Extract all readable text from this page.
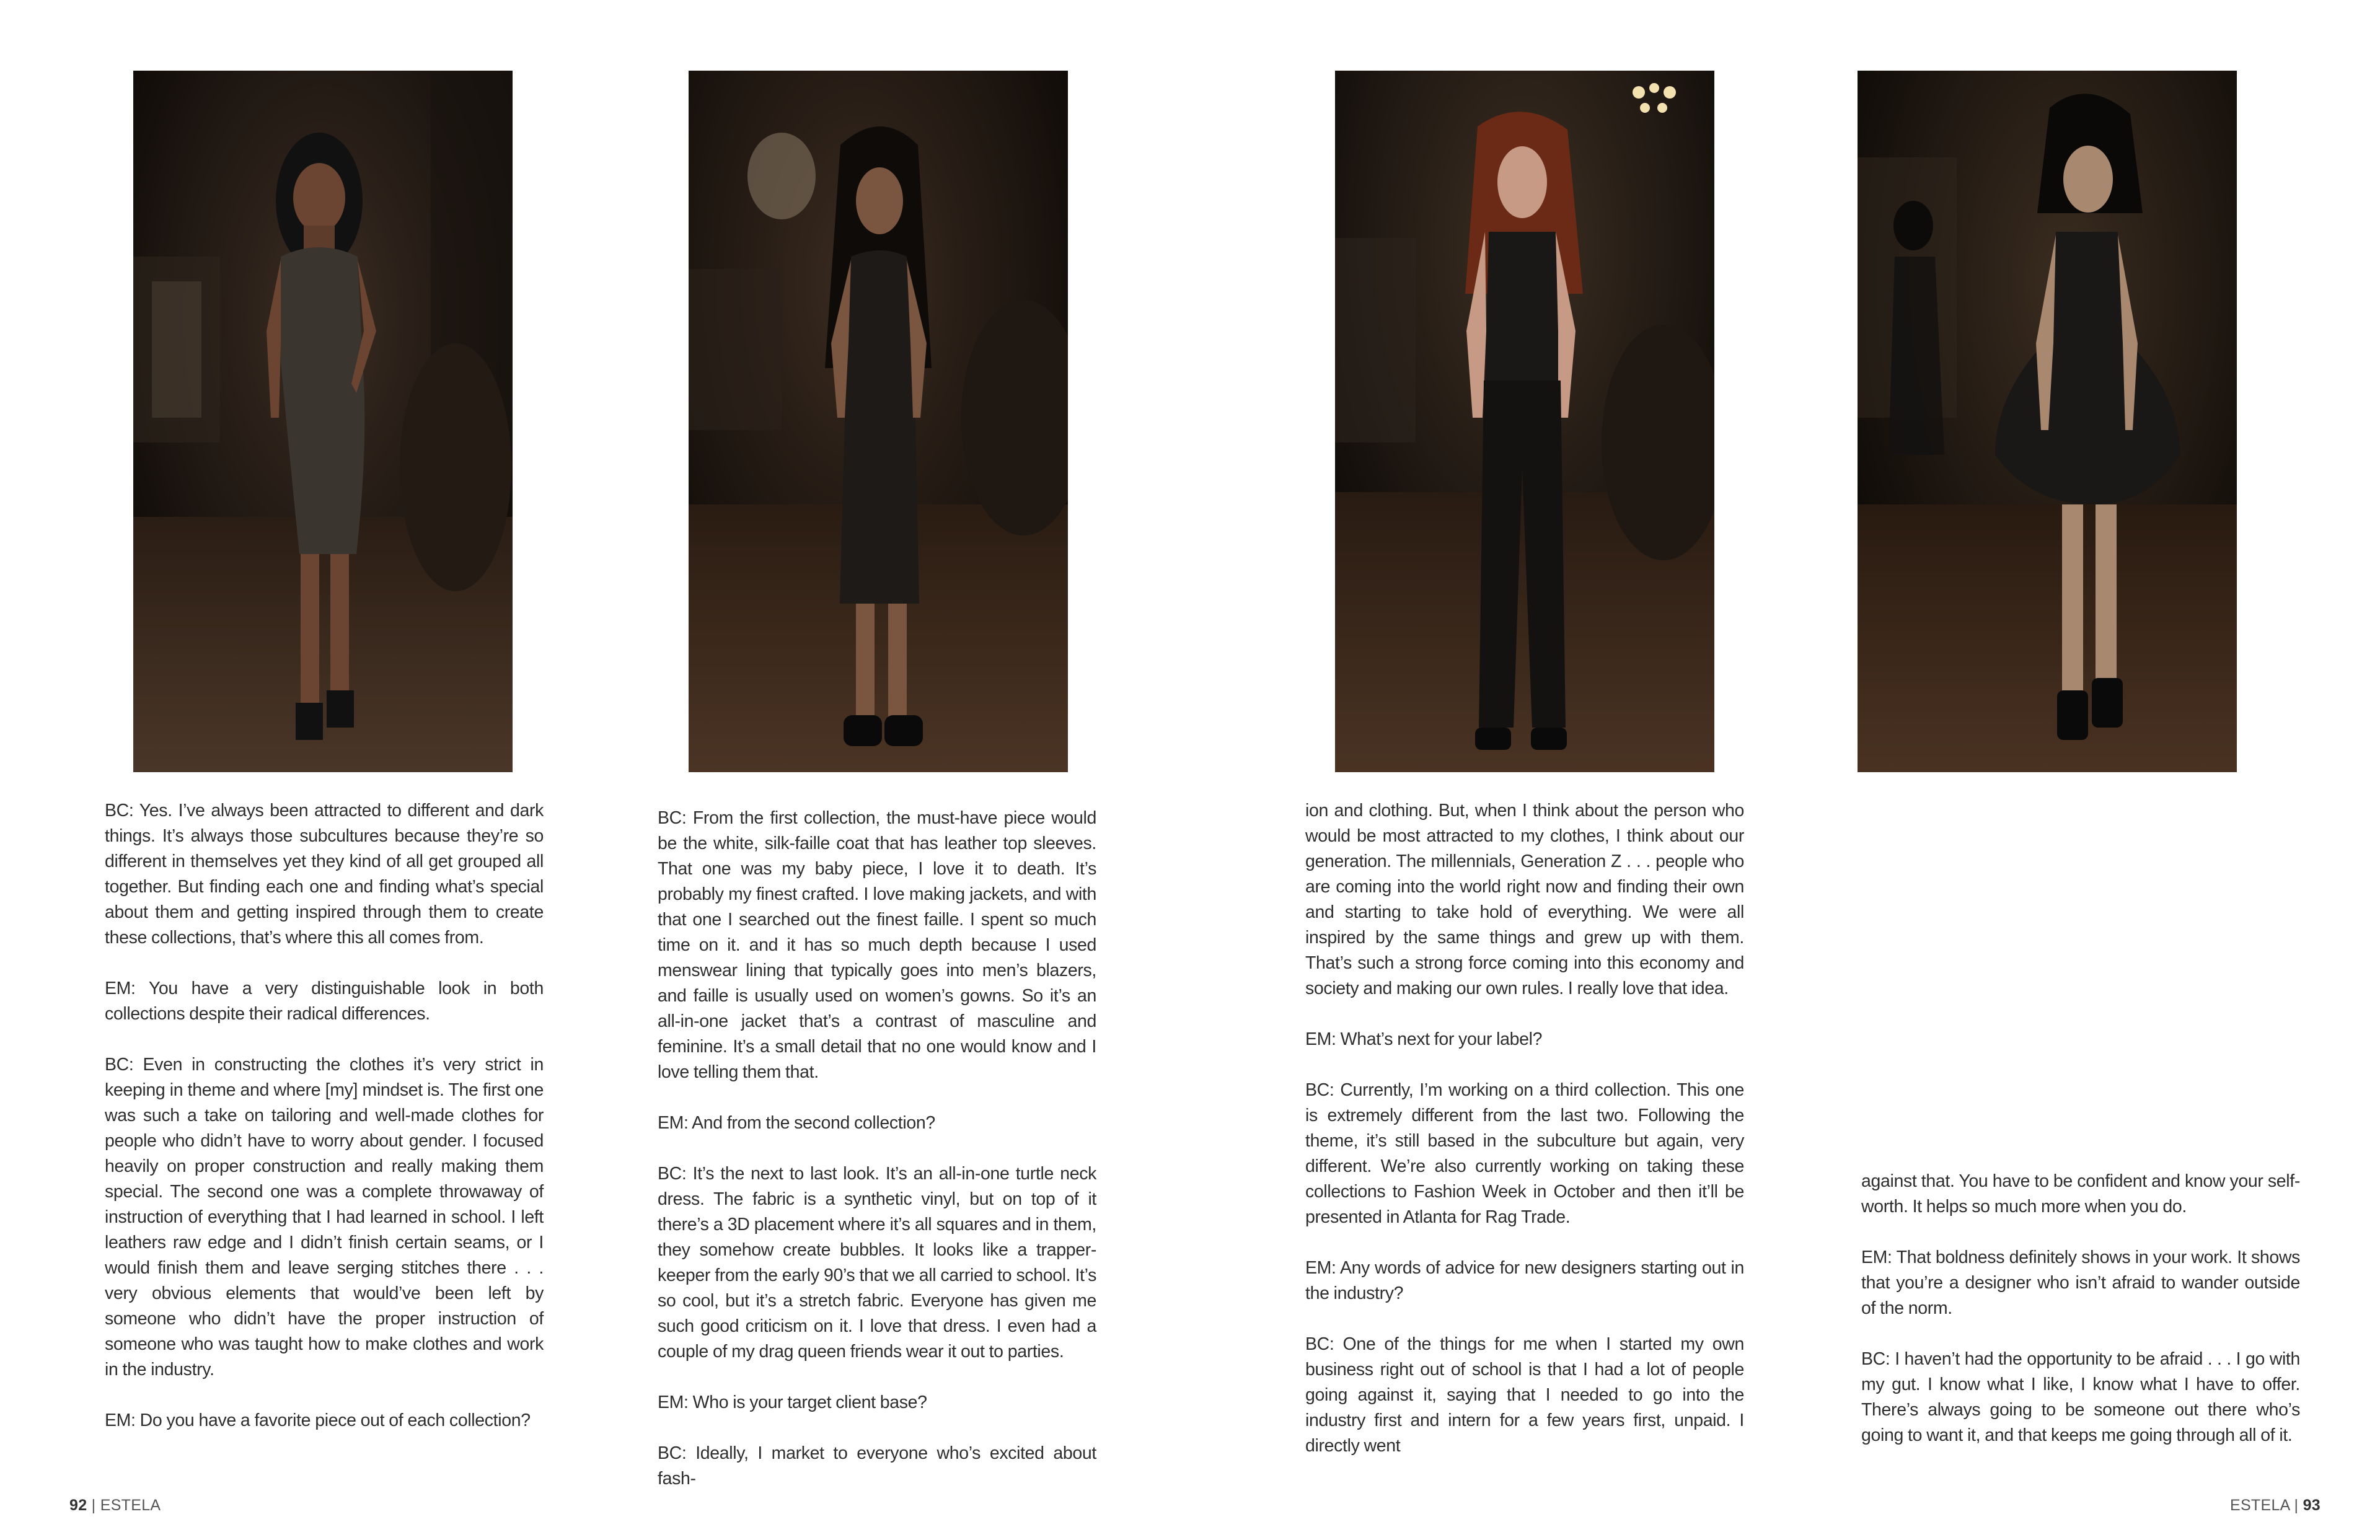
BC: Yes. I’ve always been attracted to different and dark things. It’s always those subcultures because they’re so different in themselves yet they kind of all get grouped all together. But finding each one and finding what’s special about them and getting inspired through them to create these collections, that’s where this all comes from.

EM: You have a very distinguishable look in both collections despite their radical differences.

BC: Even in constructing the clothes it’s very strict in keeping in theme and where [my] mindset is. The first one was such a take on tailoring and well-made clothes for people who didn’t have to worry about gender. I focused heavily on proper construction and really making them special. The second one was a complete throwaway of instruction of everything that I had learned in school. I left leathers raw edge and I didn’t finish certain seams, or I would finish them and leave serging stitches there . . . very obvious elements that would’ve been left by someone who didn’t have the proper instruction of someone who was taught how to make clothes and work in the industry.

EM: Do you have a favorite piece out of each collection?

BC: From the first collection, the must-have piece would be the white, silk-faille coat that has leather top sleeves. That one was my baby piece, I love it to death. It’s probably my finest crafted. I love making jackets, and with that one I searched out the finest faille. I spent so much time on it. and it has so much depth because I used menswear lining that typically goes into men’s blazers, and faille is usually used on women’s gowns. So it’s an all-in-one jacket that’s a contrast of masculine and feminine. It’s a small detail that no one would know and I love telling them that.

EM: And from the second collection?

BC: It’s the next to last look. It’s an all-in-one turtle neck dress. The fabric is a synthetic vinyl, but on top of it there’s a 3D placement where it’s all squares and in them, they somehow create bubbles. It looks like a trapper-keeper from the early 90’s that we all carried to school. It’s so cool, but it’s a stretch fabric. Everyone has given me such good criticism on it. I love that dress. I even had a couple of my drag queen friends wear it out to parties.

EM: Who is your target client base?

BC: Ideally, I market to everyone who’s excited about fash-

ion and clothing. But, when I think about the person who would be most attracted to my clothes, I think about our generation. The millennials, Generation Z . . . people who are coming into the world right now and finding their own and starting to take hold of everything. We were all inspired by the same things and grew up with them. That’s such a strong force coming into this economy and society and making our own rules. I really love that idea.

EM: What’s next for your label?

BC: Currently, I’m working on a third collection. This one is extremely different from the last two. Following the theme, it’s still based in the subculture but again, very different. We’re also currently working on taking these collections to Fashion Week in October and then it’ll be presented in Atlanta for Rag Trade.

EM: Any words of advice for new designers starting out in the industry?

BC: One of the things for me when I started my own business right out of school is that I had a lot of people going against it, saying that I needed to go into the industry first and intern for a few years first, unpaid. I directly went

against that. You have to be confident and know your self-worth. It helps so much more when you do.

EM: That boldness definitely shows in your work. It shows that you’re a designer who isn’t afraid to wander outside of the norm.

BC: I haven’t had the opportunity to be afraid . . . I go with my gut. I know what I like, I know what I have to offer. There’s always going to be someone out there who’s going to want it, and that keeps me going through all of it.

92 | ESTELA	ESTELA | 93
